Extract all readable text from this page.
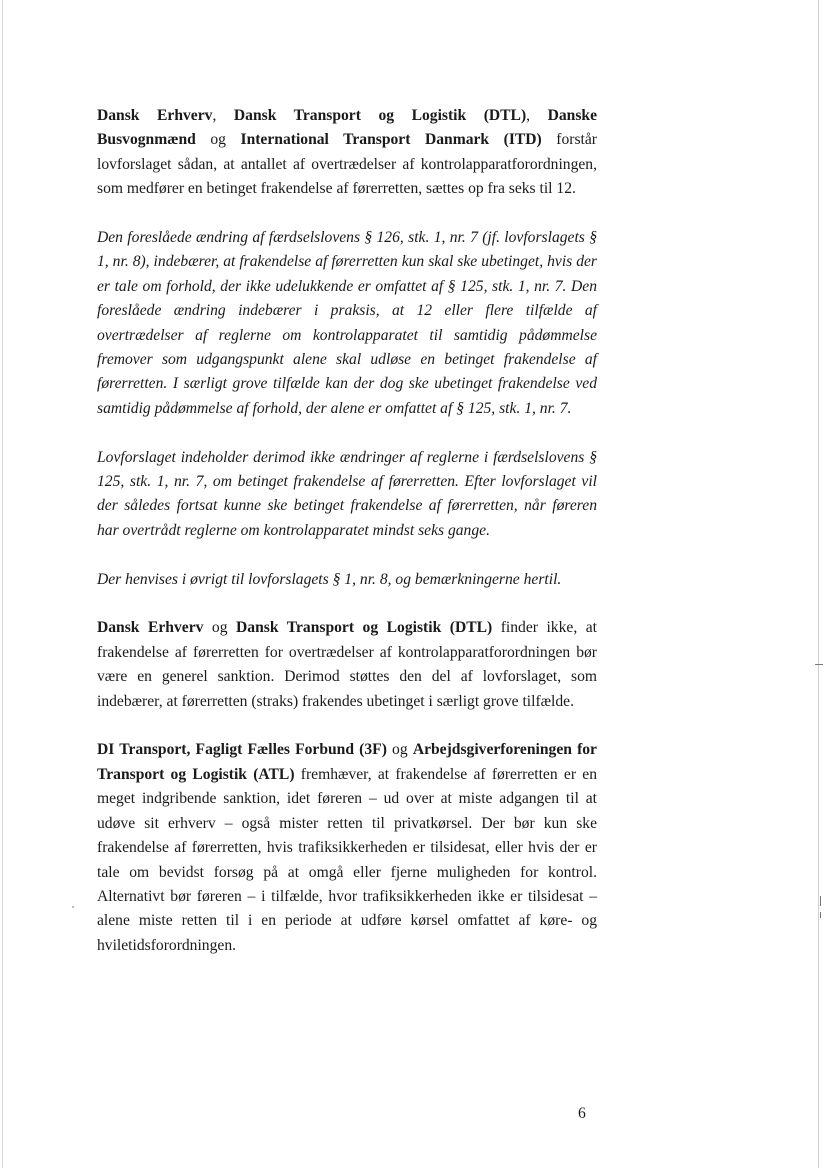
Dansk Erhverv, Dansk Transport og Logistik (DTL), Danske Busvognmænd og International Transport Danmark (ITD) forstår lovforslaget sådan, at antallet af overtrædelser af kontrolapparatforordningen, som medfører en betinget frakendelse af førerretten, sættes op fra seks til 12.

Den foreslåede ændring af færdselslovens § 126, stk. 1, nr. 7 (jf. lovforslagets § 1, nr. 8), indebærer, at frakendelse af førerretten kun skal ske ubetinget, hvis der er tale om forhold, der ikke udelukkende er omfattet af § 125, stk. 1, nr. 7. Den foreslåede ændring indebærer i praksis, at 12 eller flere tilfælde af overtrædelser af reglerne om kontrolapparatet til samtidig pådømmelse fremover som udgangspunkt alene skal udløse en betinget frakendelse af førerretten. I særligt grove tilfælde kan der dog ske ubetinget frakendelse ved samtidig pådømmelse af forhold, der alene er omfattet af § 125, stk. 1, nr. 7.

Lovforslaget indeholder derimod ikke ændringer af reglerne i færdselslovens § 125, stk. 1, nr. 7, om betinget frakendelse af førerretten. Efter lovforslaget vil der således fortsat kunne ske betinget frakendelse af førerretten, når føreren har overtrådt reglerne om kontrolapparatet mindst seks gange.

Der henvises i øvrigt til lovforslagets § 1, nr. 8, og bemærkningerne hertil.

Dansk Erhverv og Dansk Transport og Logistik (DTL) finder ikke, at frakendelse af førerretten for overtrædelser af kontrolapparatforordningen bør være en generel sanktion. Derimod støttes den del af lovforslaget, som indebærer, at førerretten (straks) frakendes ubetinget i særligt grove tilfælde.

DI Transport, Fagligt Fælles Forbund (3F) og Arbejdsgiverforeningen for Transport og Logistik (ATL) fremhæver, at frakendelse af førerretten er en meget indgribende sanktion, idet føreren – ud over at miste adgangen til at udøve sit erhverv – også mister retten til privatkørsel. Der bør kun ske frakendelse af førerretten, hvis trafiksikkerheden er tilsidesat, eller hvis der er tale om bevidst forsøg på at omgå eller fjerne muligheden for kontrol. Alternativt bør føreren – i tilfælde, hvor trafiksikkerheden ikke er tilsidesat – alene miste retten til i en periode at udføre kørsel omfattet af køre- og hviletidsforordningen.

6
